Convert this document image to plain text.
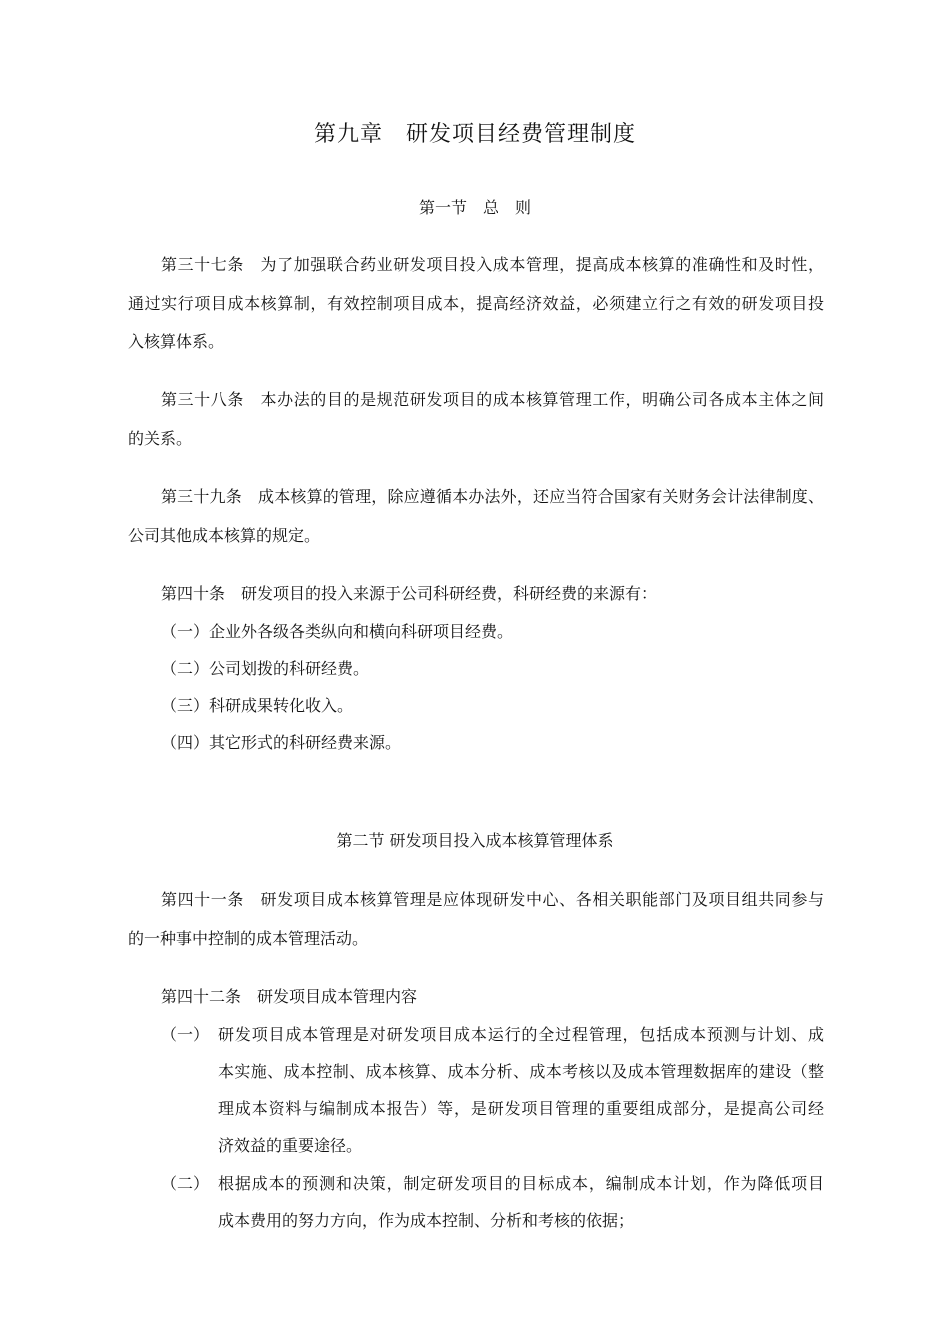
第九章　研发项目经费管理制度
第一节　总　则
第三十七条　为了加强联合药业研发项目投入成本管理，提高成本核算的准确性和及时性，
通过实行项目成本核算制，有效控制项目成本，提高经济效益，必须建立行之有效的研发项目投
入核算体系。
第三十八条　本办法的目的是规范研发项目的成本核算管理工作，明确公司各成本主体之间
的关系。
第三十九条　成本核算的管理，除应遵循本办法外，还应当符合国家有关财务会计法律制度、
公司其他成本核算的规定。
第四十条　研发项目的投入来源于公司科研经费，科研经费的来源有：
（一）企业外各级各类纵向和横向科研项目经费。
（二）公司划拨的科研经费。
（三）科研成果转化收入。
（四）其它形式的科研经费来源。
第二节 研发项目投入成本核算管理体系
第四十一条　研发项目成本核算管理是应体现研发中心、各相关职能部门及项目组共同参与
的一种事中控制的成本管理活动。
第四十二条　研发项目成本管理内容
（一） 研发项目成本管理是对研发项目成本运行的全过程管理，包括成本预测与计划、成
本实施、成本控制、成本核算、成本分析、成本考核以及成本管理数据库的建设（整
理成本资料与编制成本报告）等，是研发项目管理的重要组成部分，是提高公司经
济效益的重要途径。
（二） 根据成本的预测和决策，制定研发项目的目标成本，编制成本计划，作为降低项目
成本费用的努力方向，作为成本控制、分析和考核的依据；
